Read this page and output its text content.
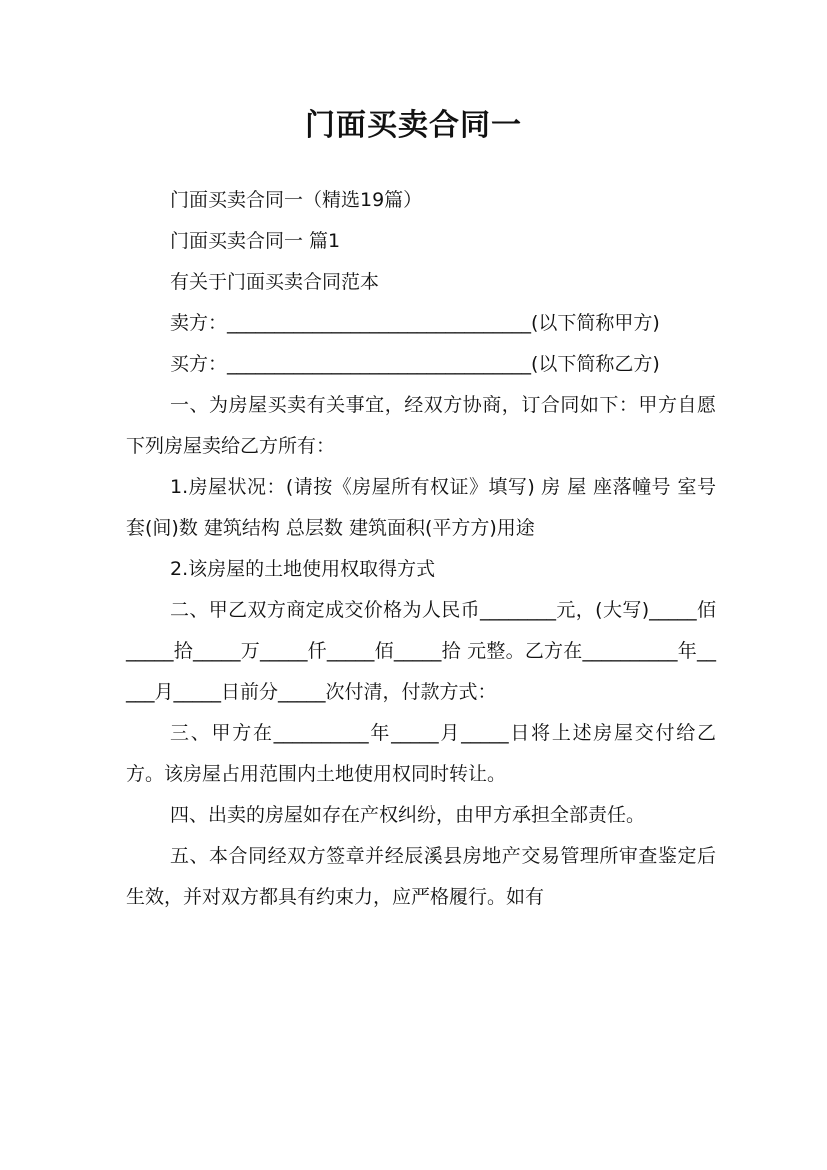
门面买卖合同一

门面买卖合同一（精选19篇）

门面买卖合同一 篇1

有关于门面买卖合同范本

卖方：________________________________(以下简称甲方)

买方：________________________________(以下简称乙方)

一、为房屋买卖有关事宜，经双方协商，订合同如下：甲方自愿下列房屋卖给乙方所有：

1.房屋状况：(请按《房屋所有权证》填写) 房 屋 座落幢号 室号 套(间)数 建筑结构 总层数 建筑面积(平方方)用途

2.该房屋的土地使用权取得方式

二、甲乙双方商定成交价格为人民币________元，(大写)_____佰_____拾_____万_____仟_____佰_____拾 元整。乙方在__________年_____月_____日前分_____次付清，付款方式：

三、甲方在__________年_____月_____日将上述房屋交付给乙方。该房屋占用范围内土地使用权同时转让。

四、出卖的房屋如存在产权纠纷，由甲方承担全部责任。

五、本合同经双方签章并经辰溪县房地产交易管理所审查鉴定后生效，并对双方都具有约束力，应严格履行。如有
